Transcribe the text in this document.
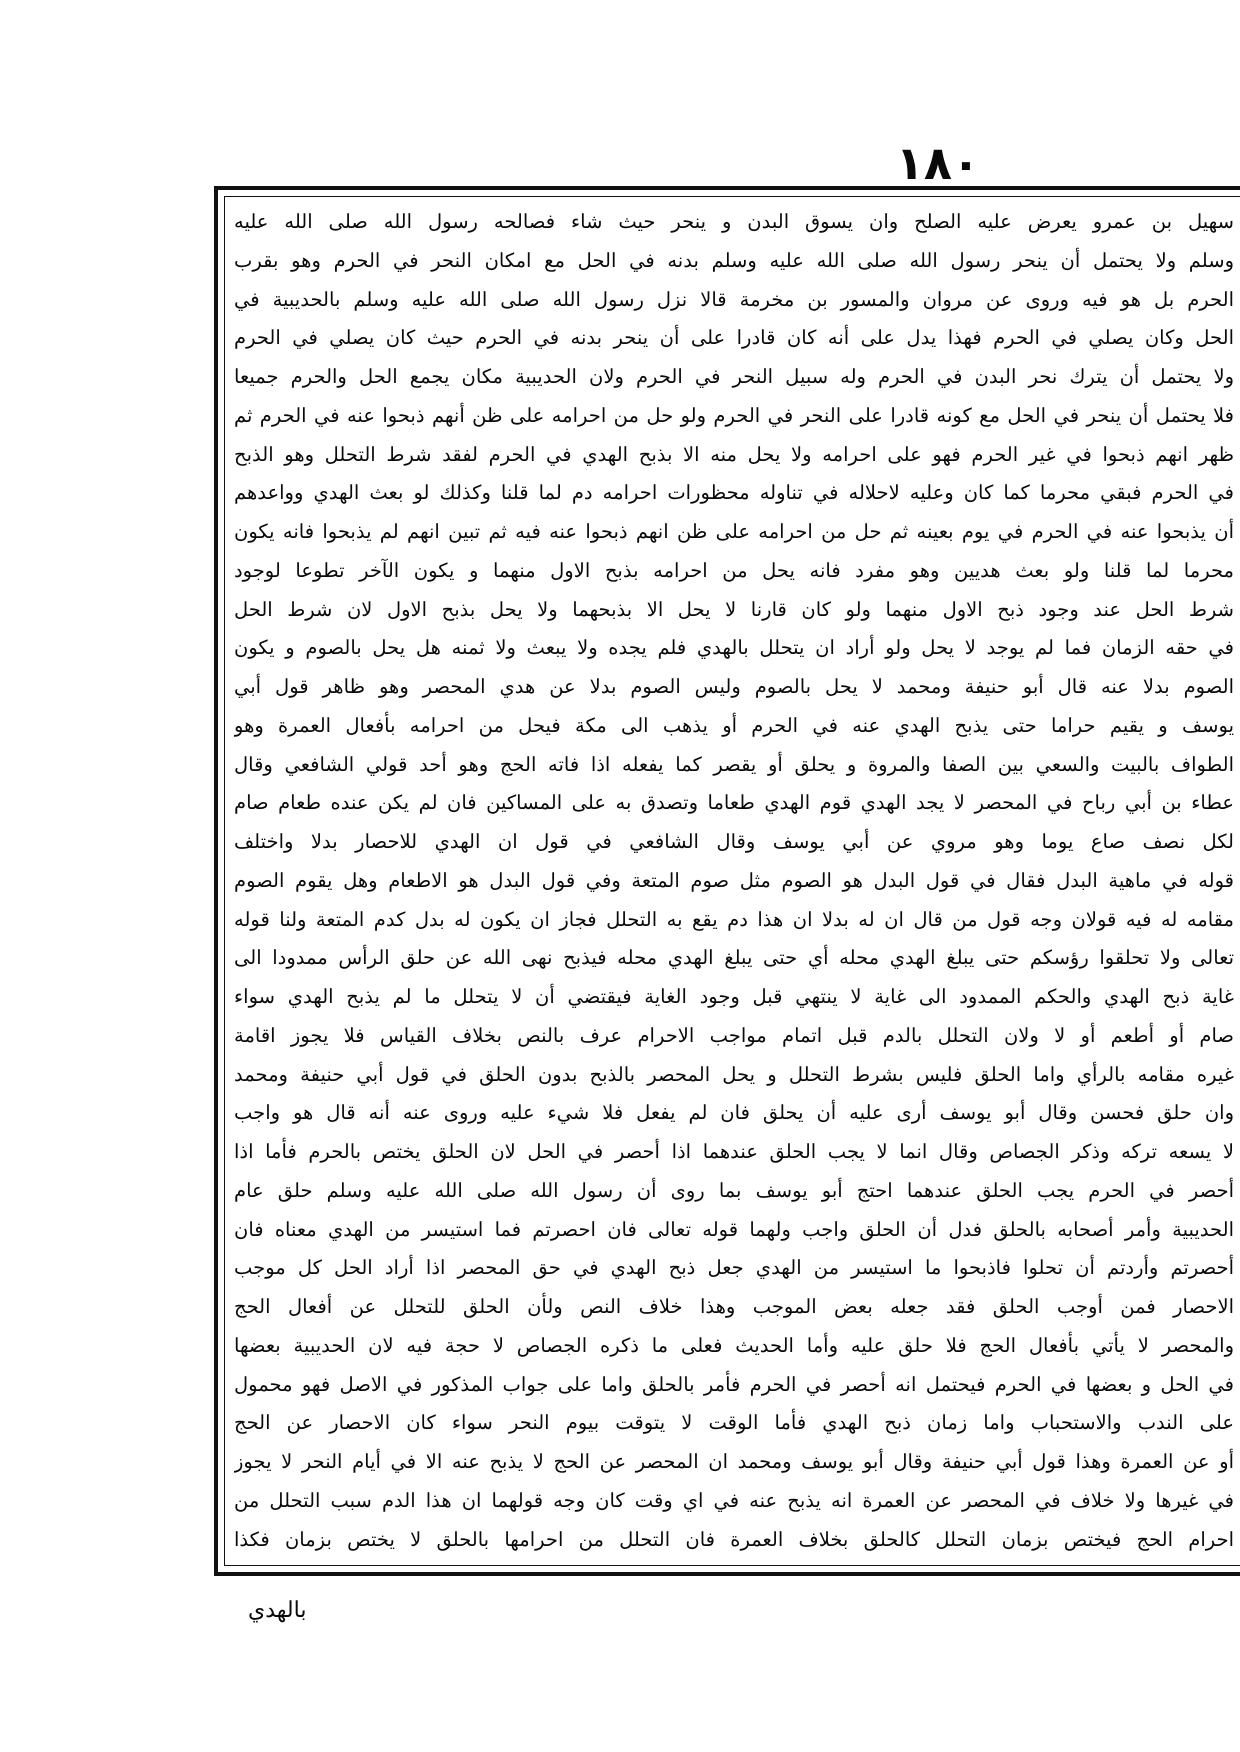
١٨٠
سهيل بن عمرو يعرض عليه الصلح وان يسوق البدن و ينحر حيث شاء فصالحه رسول الله صلى الله عليه
وسلم ولا يحتمل أن ينحر رسول الله صلى الله عليه وسلم بدنه في الحل مع امكان النحر في الحرم وهو بقرب
الحرم بل هو فيه وروى عن مروان والمسور بن مخرمة قالا نزل رسول الله صلى الله عليه وسلم بالحديبية في
الحل وكان يصلي في الحرم فهذا يدل على أنه كان قادرا على أن ينحر بدنه في الحرم حيث كان يصلي في الحرم
ولا يحتمل أن يترك نحر البدن في الحرم وله سبيل النحر في الحرم ولان الحديبية مكان يجمع الحل والحرم جميعا
فلا يحتمل أن ينحر في الحل مع كونه قادرا على النحر في الحرم ولو حل من احرامه على ظن أنهم ذبحوا عنه في الحرم ثم
ظهر انهم ذبحوا في غير الحرم فهو على احرامه ولا يحل منه الا بذبح الهدي في الحرم لفقد شرط التحلل وهو الذبح
في الحرم فبقي محرما كما كان وعليه لاحلاله في تناوله محظورات احرامه دم لما قلنا وكذلك لو بعث الهدي وواعدهم
أن يذبحوا عنه في الحرم في يوم بعينه ثم حل من احرامه على ظن انهم ذبحوا عنه فيه ثم تبين انهم لم يذبحوا فانه يكون
محرما لما قلنا ولو بعث هديين وهو مفرد فانه يحل من احرامه بذبح الاول منهما و يكون الآخر تطوعا لوجود
شرط الحل عند وجود ذبح الاول منهما ولو كان قارنا لا يحل الا بذبحهما ولا يحل بذبح الاول لان شرط الحل
في حقه الزمان فما لم يوجد لا يحل ولو أراد ان يتحلل بالهدي فلم يجده ولا يبعث ولا ثمنه هل يحل بالصوم و يكون
الصوم بدلا عنه قال أبو حنيفة ومحمد لا يحل بالصوم وليس الصوم بدلا عن هدي المحصر وهو ظاهر قول أبي
يوسف و يقيم حراما حتى يذبح الهدي عنه في الحرم أو يذهب الى مكة فيحل من احرامه بأفعال العمرة وهو
الطواف بالبيت والسعي بين الصفا والمروة و يحلق أو يقصر كما يفعله اذا فاته الحج وهو أحد قولي الشافعي وقال
عطاء بن أبي رباح في المحصر لا يجد الهدي قوم الهدي طعاما وتصدق به على المساكين فان لم يكن عنده طعام صام
لكل نصف صاع يوما وهو مروي عن أبي يوسف وقال الشافعي في قول ان الهدي للاحصار بدلا واختلف
قوله في ماهية البدل فقال في قول البدل هو الصوم مثل صوم المتعة وفي قول البدل هو الاطعام وهل يقوم الصوم
مقامه له فيه قولان وجه قول من قال ان له بدلا ان هذا دم يقع به التحلل فجاز ان يكون له بدل كدم المتعة ولنا قوله
تعالى ولا تحلقوا رؤسكم حتى يبلغ الهدي محله أي حتى يبلغ الهدي محله فيذبح نهى الله عن حلق الرأس ممدودا الى
غاية ذبح الهدي والحكم الممدود الى غاية لا ينتهي قبل وجود الغاية فيقتضي أن لا يتحلل ما لم يذبح الهدي سواء
صام أو أطعم أو لا ولان التحلل بالدم قبل اتمام مواجب الاحرام عرف بالنص بخلاف القياس فلا يجوز اقامة
غيره مقامه بالرأي واما الحلق فليس بشرط التحلل و يحل المحصر بالذبح بدون الحلق في قول أبي حنيفة ومحمد
وان حلق فحسن وقال أبو يوسف أرى عليه أن يحلق فان لم يفعل فلا شيء عليه وروى عنه أنه قال هو واجب
لا يسعه تركه وذكر الجصاص وقال انما لا يجب الحلق عندهما اذا أحصر في الحل لان الحلق يختص بالحرم فأما اذا
أحصر في الحرم يجب الحلق عندهما احتج أبو يوسف بما روى أن رسول الله صلى الله عليه وسلم حلق عام
الحديبية وأمر أصحابه بالحلق فدل أن الحلق واجب ولهما قوله تعالى فان احصرتم فما استيسر من الهدي معناه فان
أحصرتم وأردتم أن تحلوا فاذبحوا ما استيسر من الهدي جعل ذبح الهدي في حق المحصر اذا أراد الحل كل موجب
الاحصار فمن أوجب الحلق فقد جعله بعض الموجب وهذا خلاف النص ولأن الحلق للتحلل عن أفعال الحج
والمحصر لا يأتي بأفعال الحج فلا حلق عليه وأما الحديث فعلى ما ذكره الجصاص لا حجة فيه لان الحديبية بعضها
في الحل و بعضها في الحرم فيحتمل انه أحصر في الحرم فأمر بالحلق واما على جواب المذكور في الاصل فهو محمول
على الندب والاستحباب واما زمان ذبح الهدي فأما الوقت لا يتوقت بيوم النحر سواء كان الاحصار عن الحج
أو عن العمرة وهذا قول أبي حنيفة وقال أبو يوسف ومحمد ان المحصر عن الحج لا يذبح عنه الا في أيام النحر لا يجوز
في غيرها ولا خلاف في المحصر عن العمرة انه يذبح عنه في اي وقت كان وجه قولهما ان هذا الدم سبب التحلل من
احرام الحج فيختص بزمان التحلل كالحلق بخلاف العمرة فان التحلل من احرامها بالحلق لا يختص بزمان فكذا
بالهدي
